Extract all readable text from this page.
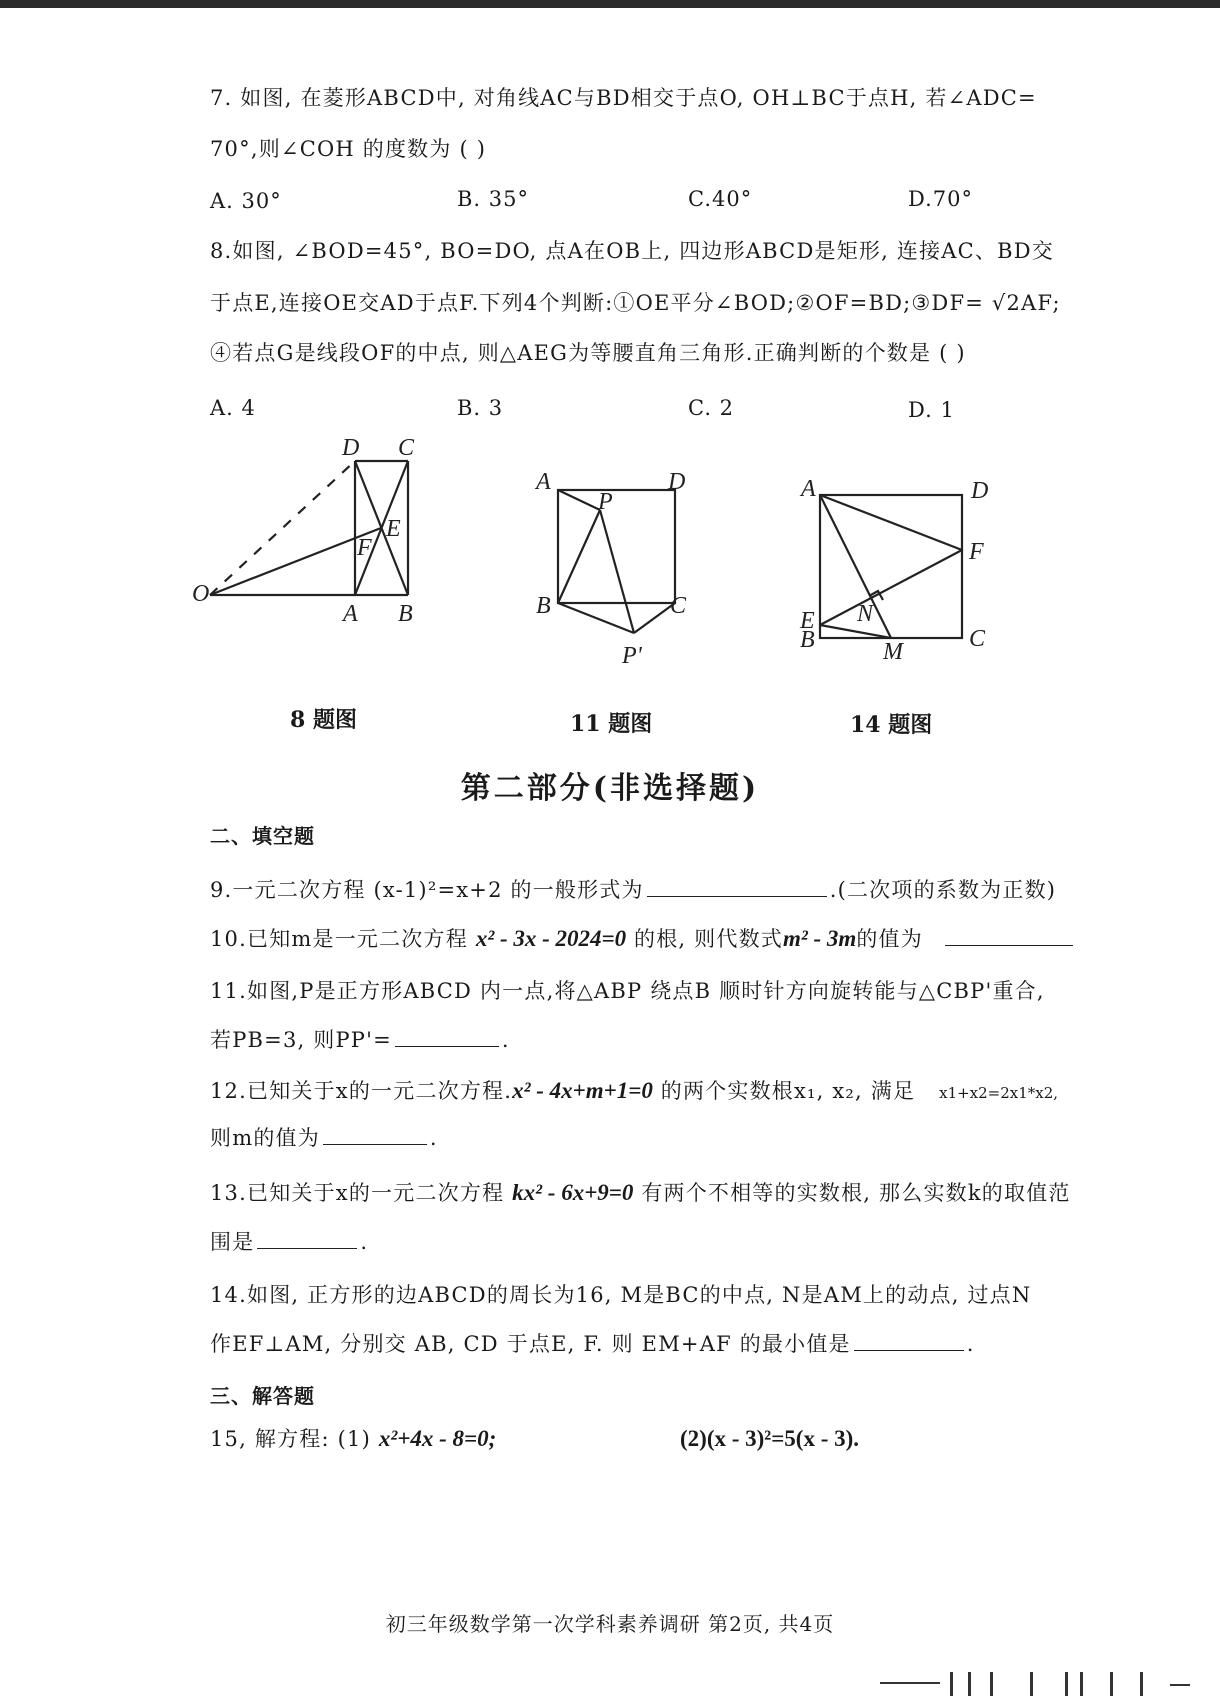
7. 如图, 在菱形ABCD中, 对角线AC与BD相交于点O, OH⊥BC于点H, 若∠ADC=
70°,则∠COH 的度数为 ( )
A. 30°	B. 35°	C.40°	D.70°
8.如图, ∠BOD=45°, BO=DO, 点A在OB上, 四边形ABCD是矩形, 连接AC、BD交
于点E,连接OE交AD于点F.下列4个判断:①OE平分∠BOD;②OF=BD;③DF= √2AF;
④若点G是线段OF的中点, 则△AEG为等腰直角三角形.正确判断的个数是 ( )
A. 4	B. 3	C. 2	D. 1
D C
E
F
O
A B
8 题图
A	D
P
B	C
P'
11 题图
A	D
F
N
E
B	M	C
14 题图
第二部分(非选择题)
二、填空题
9.一元二次方程 (x-1)²=x+2 的一般形式为	.(二次项的系数为正数)
10.已知m是一元二次方程 x² - 3x - 2024=0 的根, 则代数式m² - 3m的值为
11.如图,P是正方形ABCD 内一点,将△ABP 绕点B 顺时针方向旋转能与△CBP'重合,
若PB=3, 则PP'=	.
12.已知关于x的一元二次方程.x² - 4x+m+1=0 的两个实数根x₁, x₂, 满足 x1+x2=2x1*x2,
则m的值为	.
13.已知关于x的一元二次方程 kx² - 6x+9=0 有两个不相等的实数根, 那么实数k的取值范
围是	.
14.如图, 正方形的边ABCD的周长为16, M是BC的中点, N是AM上的动点, 过点N
作EF⊥AM, 分别交 AB, CD 于点E, F. 则 EM+AF 的最小值是	.
三、解答题
15, 解方程: (1) x²+4x - 8=0;	(2)(x - 3)²=5(x - 3).
初三年级数学第一次学科素养调研 第2页, 共4页
